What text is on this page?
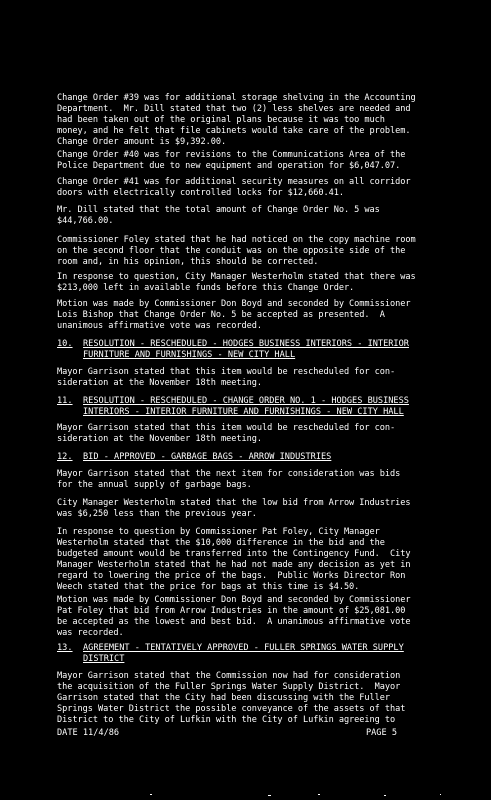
Change Order #39 was for additional storage shelving in the Accounting
Department.  Mr. Dill stated that two (2) less shelves are needed and
had been taken out of the original plans because it was too much
money, and he felt that file cabinets would take care of the problem.
Change Order amount is $9,392.00.

Change Order #40 was for revisions to the Communications Area of the
Police Department due to new equipment and operation for $6,047.07.

Change Order #41 was for additional security measures on all corridor
doors with electrically controlled locks for $12,660.41.

Mr. Dill stated that the total amount of Change Order No. 5 was
$44,766.00.

Commissioner Foley stated that he had noticed on the copy machine room
on the second floor that the conduit was on the opposite side of the
room and, in his opinion, this should be corrected.

In response to question, City Manager Westerholm stated that there was
$213,000 left in available funds before this Change Order.

Motion was made by Commissioner Don Boyd and seconded by Commissioner
Lois Bishop that Change Order No. 5 be accepted as presented.  A
unanimous affirmative vote was recorded.

10.	RESOLUTION - RESCHEDULED - HODGES BUSINESS INTERIORS - INTERIOR
FURNITURE AND FURNISHINGS - NEW CITY HALL

Mayor Garrison stated that this item would be rescheduled for con-
sideration at the November 18th meeting.

11.	RESOLUTION - RESCHEDULED - CHANGE ORDER NO. 1 - HODGES BUSINESS
INTERIORS - INTERIOR FURNITURE AND FURNISHINGS - NEW CITY HALL

Mayor Garrison stated that this item would be rescheduled for con-
sideration at the November 18th meeting.

12.	BID - APPROVED - GARBAGE BAGS - ARROW INDUSTRIES

Mayor Garrison stated that the next item for consideration was bids
for the annual supply of garbage bags.

City Manager Westerholm stated that the low bid from Arrow Industries
was $6,250 less than the previous year.

In response to question by Commissioner Pat Foley, City Manager
Westerholm stated that the $10,000 difference in the bid and the
budgeted amount would be transferred into the Contingency Fund.  City
Manager Westerholm stated that he had not made any decision as yet in
regard to lowering the price of the bags.  Public Works Director Ron
Weech stated that the price for bags at this time is $4.50.

Motion was made by Commissioner Don Boyd and seconded by Commissioner
Pat Foley that bid from Arrow Industries in the amount of $25,081.00
be accepted as the lowest and best bid.  A unanimous affirmative vote
was recorded.

13.	AGREEMENT - TENTATIVELY APPROVED - FULLER SPRINGS WATER SUPPLY
DISTRICT

Mayor Garrison stated that the Commission now had for consideration
the acquisition of the Fuller Springs Water Supply District.  Mayor
Garrison stated that the City had been discussing with the Fuller
Springs Water District the possible conveyance of the assets of that
District to the City of Lufkin with the City of Lufkin agreeing to

DATE 11/4/86	PAGE 5
